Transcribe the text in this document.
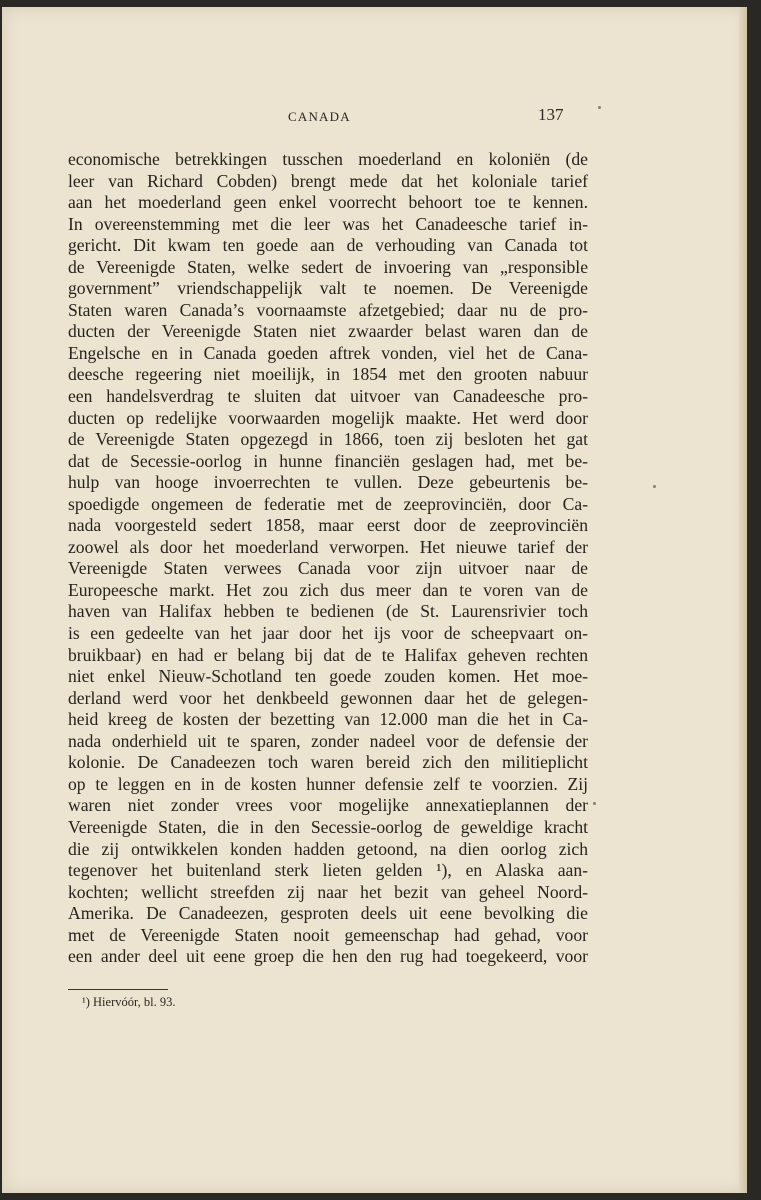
CANADA	137
economische betrekkingen tusschen moederland en koloniën (de
leer van Richard Cobden) brengt mede dat het koloniale tarief
aan het moederland geen enkel voorrecht behoort toe te kennen.
In overeenstemming met die leer was het Canadeesche tarief in-
gericht. Dit kwam ten goede aan de verhouding van Canada tot
de Vereenigde Staten, welke sedert de invoering van „responsible
government” vriendschappelijk valt te noemen. De Vereenigde
Staten waren Canada’s voornaamste afzetgebied; daar nu de pro-
ducten der Vereenigde Staten niet zwaarder belast waren dan de
Engelsche en in Canada goeden aftrek vonden, viel het de Cana-
deesche regeering niet moeilijk, in 1854 met den grooten nabuur
een handelsverdrag te sluiten dat uitvoer van Canadeesche pro-
ducten op redelijke voorwaarden mogelijk maakte. Het werd door
de Vereenigde Staten opgezegd in 1866, toen zij besloten het gat
dat de Secessie-oorlog in hunne financiën geslagen had, met be-
hulp van hooge invoerrechten te vullen. Deze gebeurtenis be-
spoedigde ongemeen de federatie met de zeeprovinciën, door Ca-
nada voorgesteld sedert 1858, maar eerst door de zeeprovinciën
zoowel als door het moederland verworpen. Het nieuwe tarief der
Vereenigde Staten verwees Canada voor zijn uitvoer naar de
Europeesche markt. Het zou zich dus meer dan te voren van de
haven van Halifax hebben te bedienen (de St. Laurensrivier toch
is een gedeelte van het jaar door het ijs voor de scheepvaart on-
bruikbaar) en had er belang bij dat de te Halifax geheven rechten
niet enkel Nieuw-Schotland ten goede zouden komen. Het moe-
derland werd voor het denkbeeld gewonnen daar het de gelegen-
heid kreeg de kosten der bezetting van 12.000 man die het in Ca-
nada onderhield uit te sparen, zonder nadeel voor de defensie der
kolonie. De Canadeezen toch waren bereid zich den militieplicht
op te leggen en in de kosten hunner defensie zelf te voorzien. Zij
waren niet zonder vrees voor mogelijke annexatieplannen der
Vereenigde Staten, die in den Secessie-oorlog de geweldige kracht
die zij ontwikkelen konden hadden getoond, na dien oorlog zich
tegenover het buitenland sterk lieten gelden ¹), en Alaska aan-
kochten; wellicht streefden zij naar het bezit van geheel Noord-
Amerika. De Canadeezen, gesproten deels uit eene bevolking die
met de Vereenigde Staten nooit gemeenschap had gehad, voor
een ander deel uit eene groep die hen den rug had toegekeerd, voor
¹) Hiervóór, bl. 93.
